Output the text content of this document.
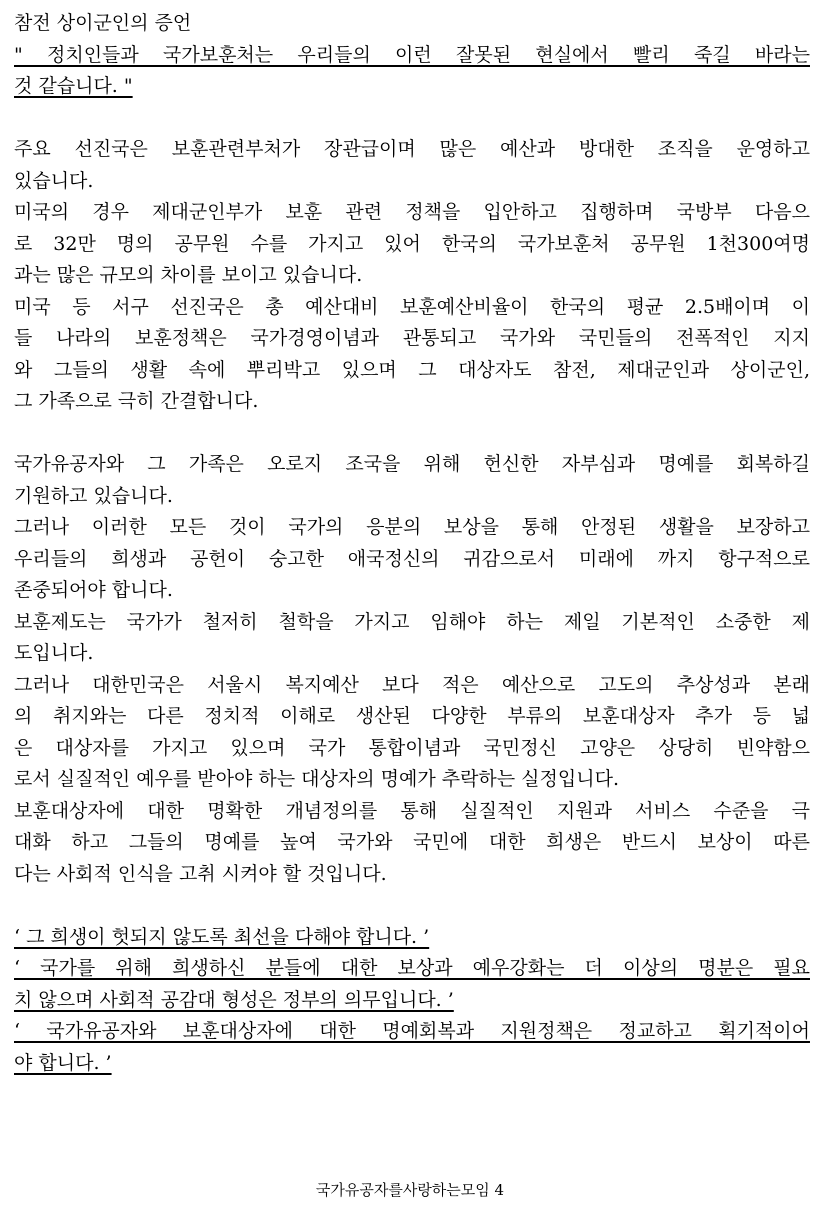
참전 상이군인의 증언
" 정치인들과 국가보훈처는 우리들의 이런 잘못된 현실에서 빨리 죽길 바라는
것 같습니다. "
주요 선진국은 보훈관련부처가 장관급이며 많은 예산과 방대한 조직을 운영하고
있습니다.
미국의 경우 제대군인부가 보훈 관련 정책을 입안하고 집행하며 국방부 다음으
로 32만 명의 공무원 수를 가지고 있어 한국의 국가보훈처 공무원 1천300여명
과는 많은 규모의 차이를 보이고 있습니다.
미국 등 서구 선진국은 총 예산대비 보훈예산비율이 한국의 평균 2.5배이며 이
들 나라의 보훈정책은 국가경영이념과 관통되고 국가와 국민들의 전폭적인 지지
와 그들의 생활 속에 뿌리박고 있으며 그 대상자도 참전, 제대군인과 상이군인,
그 가족으로 극히 간결합니다.
국가유공자와 그 가족은 오로지 조국을 위해 헌신한 자부심과 명예를 회복하길
기원하고 있습니다.
그러나 이러한 모든 것이 국가의 응분의 보상을 통해 안정된 생활을 보장하고
우리들의 희생과 공헌이 숭고한 애국정신의 귀감으로서 미래에 까지 항구적으로
존중되어야 합니다.
보훈제도는 국가가 철저히 철학을 가지고 임해야 하는 제일 기본적인 소중한 제
도입니다.
그러나 대한민국은 서울시 복지예산 보다 적은 예산으로 고도의 추상성과 본래
의 취지와는 다른 정치적 이해로 생산된 다양한 부류의 보훈대상자 추가 등 넓
은 대상자를 가지고 있으며 국가 통합이념과 국민정신 고양은 상당히 빈약함으
로서 실질적인 예우를 받아야 하는 대상자의 명예가 추락하는 실정입니다.
보훈대상자에 대한 명확한 개념정의를 통해 실질적인 지원과 서비스 수준을 극
대화 하고 그들의 명예를 높여 국가와 국민에 대한 희생은 반드시 보상이 따른
다는 사회적 인식을 고취 시켜야 할 것입니다.
‘ 그 희생이 헛되지 않도록 최선을 다해야 합니다. ’
‘ 국가를 위해 희생하신 분들에 대한 보상과 예우강화는 더 이상의 명분은 필요
치 않으며 사회적 공감대 형성은 정부의 의무입니다. ’
‘ 국가유공자와 보훈대상자에 대한 명예회복과 지원정책은 정교하고 획기적이어
야 합니다. ’
국가유공자를사랑하는모임 4
